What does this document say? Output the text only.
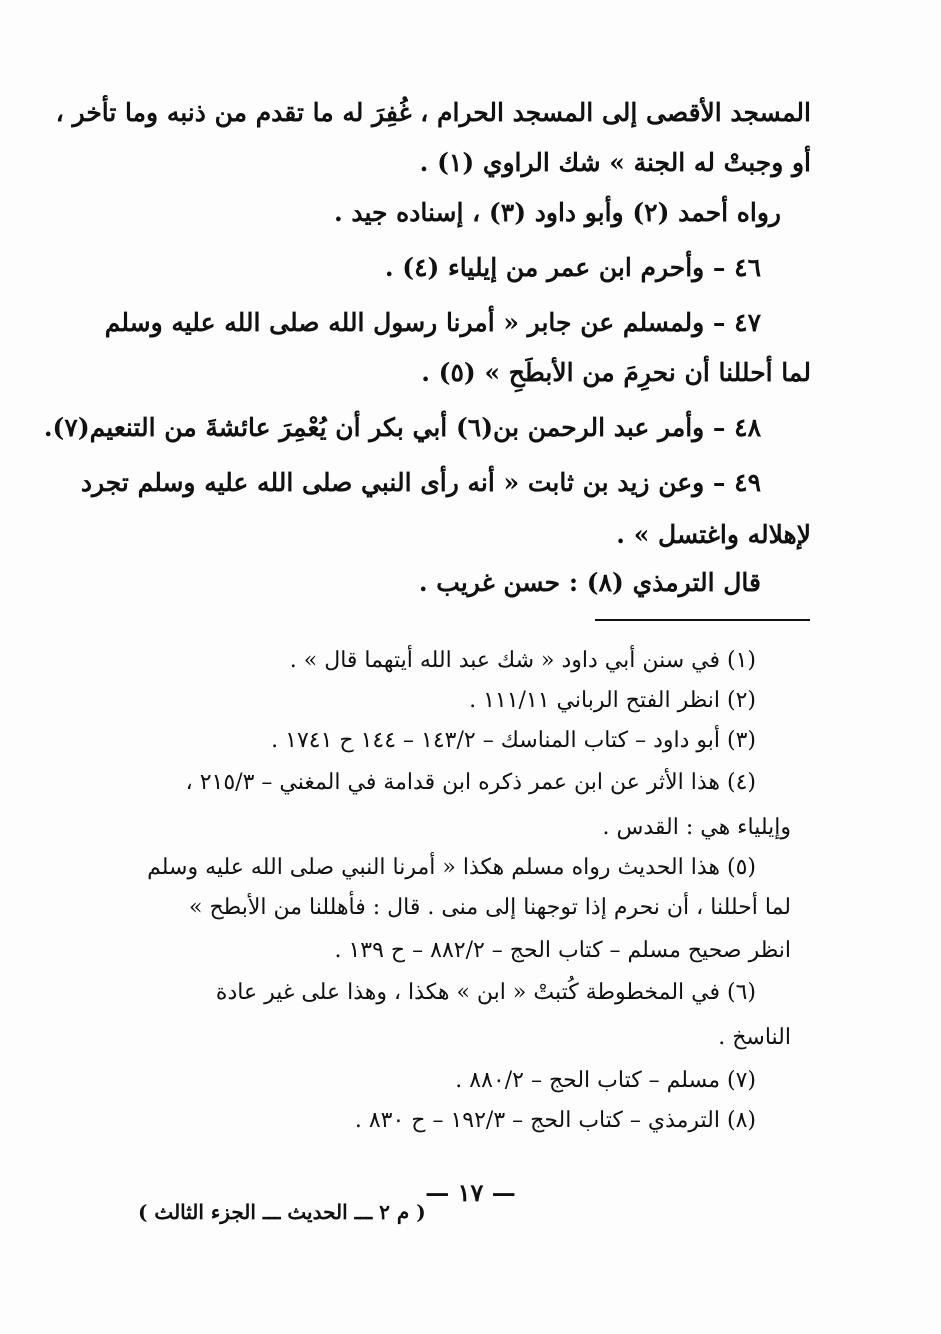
المسجد الأقصى إلى المسجد الحرام ، غُفِرَ له ما تقدم من ذنبه وما تأخر ،
أو وجبتْ له الجنة » شك الراوي (١) .
رواه أحمد (٢) وأبو داود (٣) ، إسناده جيد .
٤٦ – وأحرم ابن عمر من إيلياء (٤) .
٤٧ – ولمسلم عن جابر « أمرنا رسول الله صلى الله عليه وسلم
لما أحللنا أن نحرِمَ من الأبطَحِ » (٥) .
٤٨ – وأمر عبد الرحمن بن(٦) أبي بكر أن يُعْمِرَ عائشةَ من التنعيم(٧).
٤٩ – وعن زيد بن ثابت « أنه رأى النبي صلى الله عليه وسلم تجرد
لإهلاله واغتسل » .
قال الترمذي (٨) : حسن غريب .
(١) في سنن أبي داود « شك عبد الله أيتهما قال » .
(٢) انظر الفتح الرباني ١١١/١١ .
(٣) أبو داود – كتاب المناسك – ١٤٣/٢ – ١٤٤ ح ١٧٤١ .
(٤) هذا الأثر عن ابن عمر ذكره ابن قدامة في المغني – ٢١٥/٣ ،
وإيلياء هي : القدس .
(٥) هذا الحديث رواه مسلم هكذا « أمرنا النبي صلى الله عليه وسلم
لما أحللنا ، أن نحرم إذا توجهنا إلى منى . قال : فأهللنا من الأبطح »
انظر صحيح مسلم – كتاب الحج – ٨٨٢/٢ – ح ١٣٩ .
(٦) في المخطوطة كُتبتْ « ابن » هكذا ، وهذا على غير عادة
الناسخ .
(٧) مسلم – كتاب الحج – ٨٨٠/٢ .
(٨) الترمذي – كتاب الحج – ١٩٢/٣ – ح ٨٣٠ .
— ١٧ —
( م ٢ ـــ الحديث ـــ الجزء الثالث )
